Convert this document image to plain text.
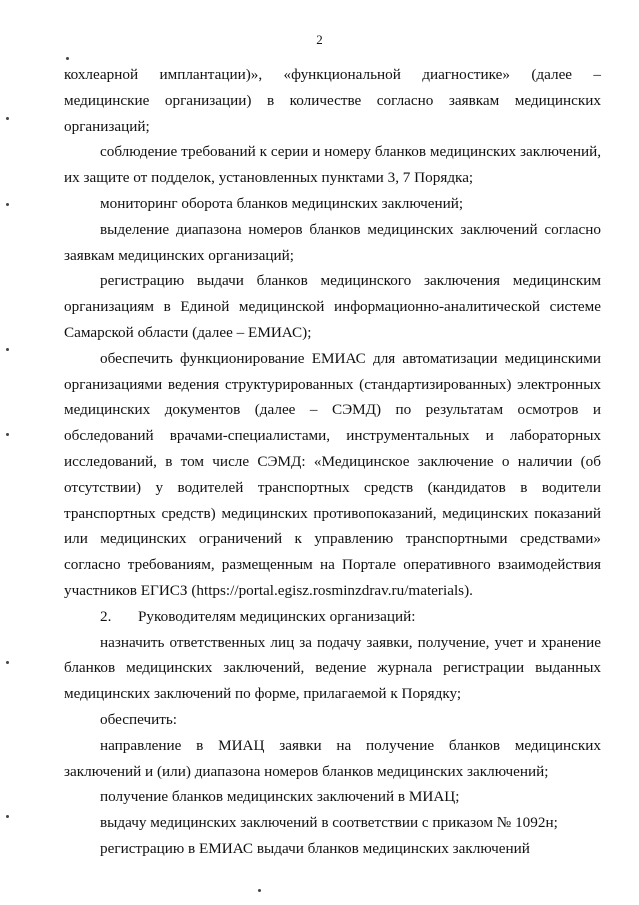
2

кохлеарной имплантации)», «функциональной диагностике» (далее – медицинские организации) в количестве согласно заявкам медицинских организаций;

соблюдение требований к серии и номеру бланков медицинских заключений, их защите от подделок, установленных пунктами 3, 7 Порядка;

мониторинг оборота бланков медицинских заключений;

выделение диапазона номеров бланков медицинских заключений согласно заявкам медицинских организаций;

регистрацию выдачи бланков медицинского заключения медицинским организациям в Единой медицинской информационно-аналитической системе Самарской области (далее – ЕМИАС);

обеспечить функционирование ЕМИАС для автоматизации медицинскими организациями ведения структурированных (стандартизированных) электронных медицинских документов (далее – СЭМД) по результатам осмотров и обследований врачами-специалистами, инструментальных и лабораторных исследований, в том числе СЭМД: «Медицинское заключение о наличии (об отсутствии) у водителей транспортных средств (кандидатов в водители транспортных средств) медицинских противопоказаний, медицинских показаний или медицинских ограничений к управлению транспортными средствами» согласно требованиям, размещенным на Портале оперативного взаимодействия участников ЕГИСЗ (https://portal.egisz.rosminzdrav.ru/materials).

2.       Руководителям медицинских организаций:

назначить ответственных лиц за подачу заявки, получение, учет и хранение бланков медицинских заключений, ведение журнала регистрации выданных медицинских заключений по форме, прилагаемой к Порядку;

обеспечить:

направление в МИАЦ заявки на получение бланков медицинских заключений и (или) диапазона номеров бланков медицинских заключений;

получение бланков медицинских заключений в МИАЦ;

выдачу медицинских заключений в соответствии с приказом № 1092н;

регистрацию в ЕМИАС выдачи бланков медицинских заключений
